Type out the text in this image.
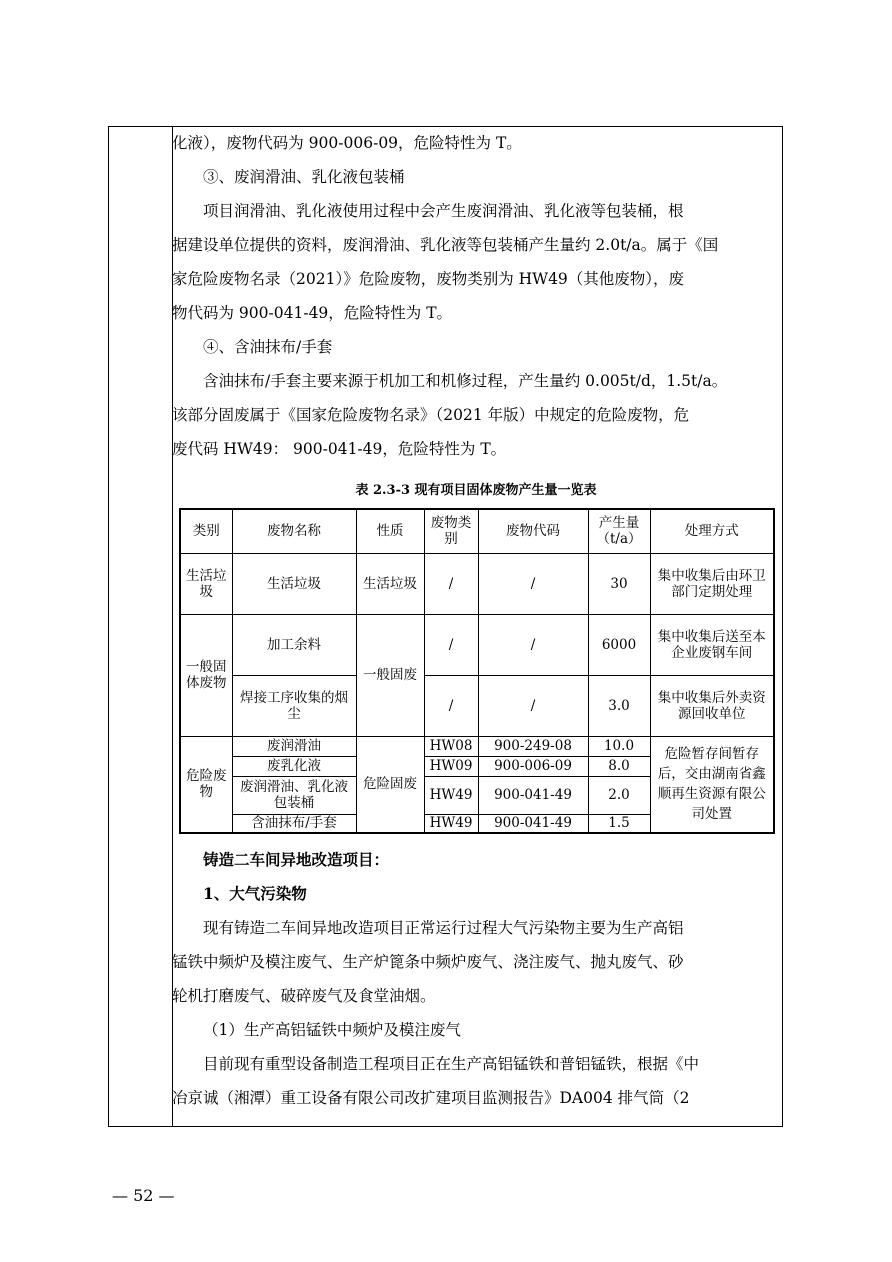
化液），废物代码为 900-006-09，危险特性为 T。

③、废润滑油、乳化液包装桶

项目润滑油、乳化液使用过程中会产生废润滑油、乳化液等包装桶，根

据建设单位提供的资料，废润滑油、乳化液等包装桶产生量约 2.0t/a。属于《国

家危险废物名录（2021）》危险废物，废物类别为 HW49（其他废物），废

物代码为 900-041-49，危险特性为 T。

④、含油抹布/手套

含油抹布/手套主要来源于机加工和机修过程，产生量约 0.005t/d，1.5t/a。

该部分固废属于《国家危险废物名录》（2021 年版）中规定的危险废物，危

废代码 HW49： 900-041-49，危险特性为 T。

表 2.3-3 现有项目固体废物产生量一览表
类别	废物名称	性质	废物类别	废物代码	产生量（t/a）	处理方式
生活垃圾	生活垃圾	生活垃圾	/	/	30	集中收集后由环卫部门定期处理
一般固体废物	加工余料	一般固废	/	/	6000	集中收集后送至本企业废钢车间
	焊接工序收集的烟尘		/	/	3.0	集中收集后外卖资源回收单位
危险废物	废润滑油	危险固废	HW08	900-249-08	10.0	危险暂存间暂存后，交由湖南省鑫顺再生资源有限公司处置
	废乳化液		HW09	900-006-09	8.0	
	废润滑油、乳化液包装桶		HW49	900-041-49	2.0	
	含油抹布/手套		HW49	900-041-49	1.5	

铸造二车间异地改造项目：

1、大气污染物

现有铸造二车间异地改造项目正常运行过程大气污染物主要为生产高铝

锰铁中频炉及模注废气、生产炉篦条中频炉废气、浇注废气、抛丸废气、砂

轮机打磨废气、破碎废气及食堂油烟。

（1）生产高铝锰铁中频炉及模注废气

目前现有重型设备制造工程项目正在生产高铝锰铁和普铝锰铁，根据《中

冶京诚（湘潭）重工设备有限公司改扩建项目监测报告》DA004 排气筒（2

— 52 —
